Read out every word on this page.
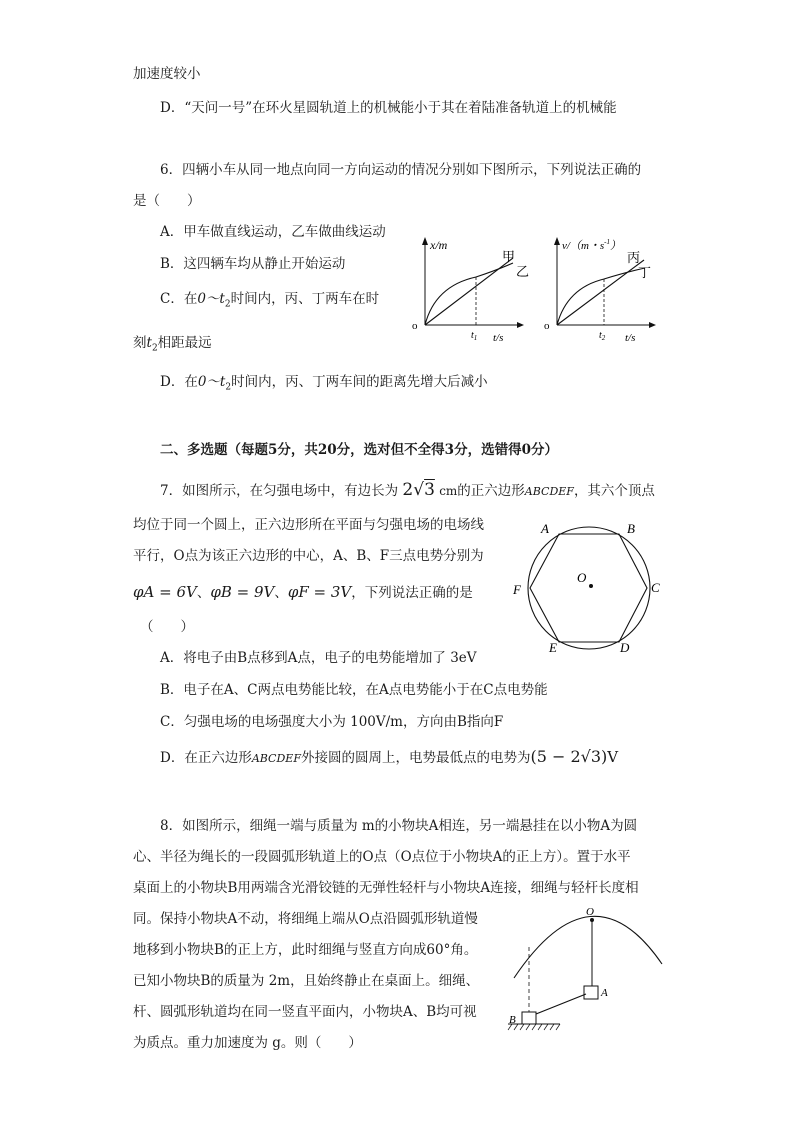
加速度较小
D．“天问一号”在环火星圆轨道上的机械能小于其在着陆准备轨道上的机械能
6．四辆小车从同一地点向同一方向运动的情况分别如下图所示，下列说法正确的
是（　　）
A．甲车做直线运动，乙车做曲线运动
B．这四辆车均从静止开始运动
C．在$0\sim t_2$时间内，丙、丁两车在时
刻$t_2$相距最远
D．在$0\sim t_2$时间内，丙、丁两车间的距离先增大后减小
x/m
o
t/s
$t_1$
甲
乙
v/（m・$s^{-1}$）
o
t/s
$t_2$
丙
丁
二、多选题（每题5分，共20分，选对但不全得3分，选错得0分）
7．如图所示，在匀强电场中，有边长为 2√3 cm的正六边形ABCDEF，其六个顶点
均位于同一个圆上，正六边形所在平面与匀强电场的电场线
平行，O点为该正六边形的中心，A、B、F三点电势分别为
φA = 6V、φB = 9V、φF = 3V，下列说法正确的是
（　　）
A．将电子由B点移到A点，电子的电势能增加了 3eV
B．电子在A、C两点电势能比较，在A点电势能小于在C点电势能
C．匀强电场的电场强度大小为 100V/m，方向由B指向F
D．在正六边形ABCDEF外接圆的圆周上，电势最低点的电势为(5 − 2√3)V
A	B
C
D
E
F
O
8．如图所示，细绳一端与质量为 m的小物块A相连，另一端悬挂在以小物A为圆
心、半径为绳长的一段圆弧形轨道上的O点（O点位于小物块A的正上方）。置于水平
桌面上的小物块B用两端含光滑铰链的无弹性轻杆与小物块A连接，细绳与轻杆长度相
同。保持小物块A不动，将细绳上端从O点沿圆弧形轨道慢
地移到小物块B的正上方，此时细绳与竖直方向成60°角。
已知小物块B的质量为 2m，且始终静止在桌面上。细绳、
杆、圆弧形轨道均在同一竖直平面内，小物块A、B均可视
为质点。重力加速度为 g。则（　　）
O
A
B
